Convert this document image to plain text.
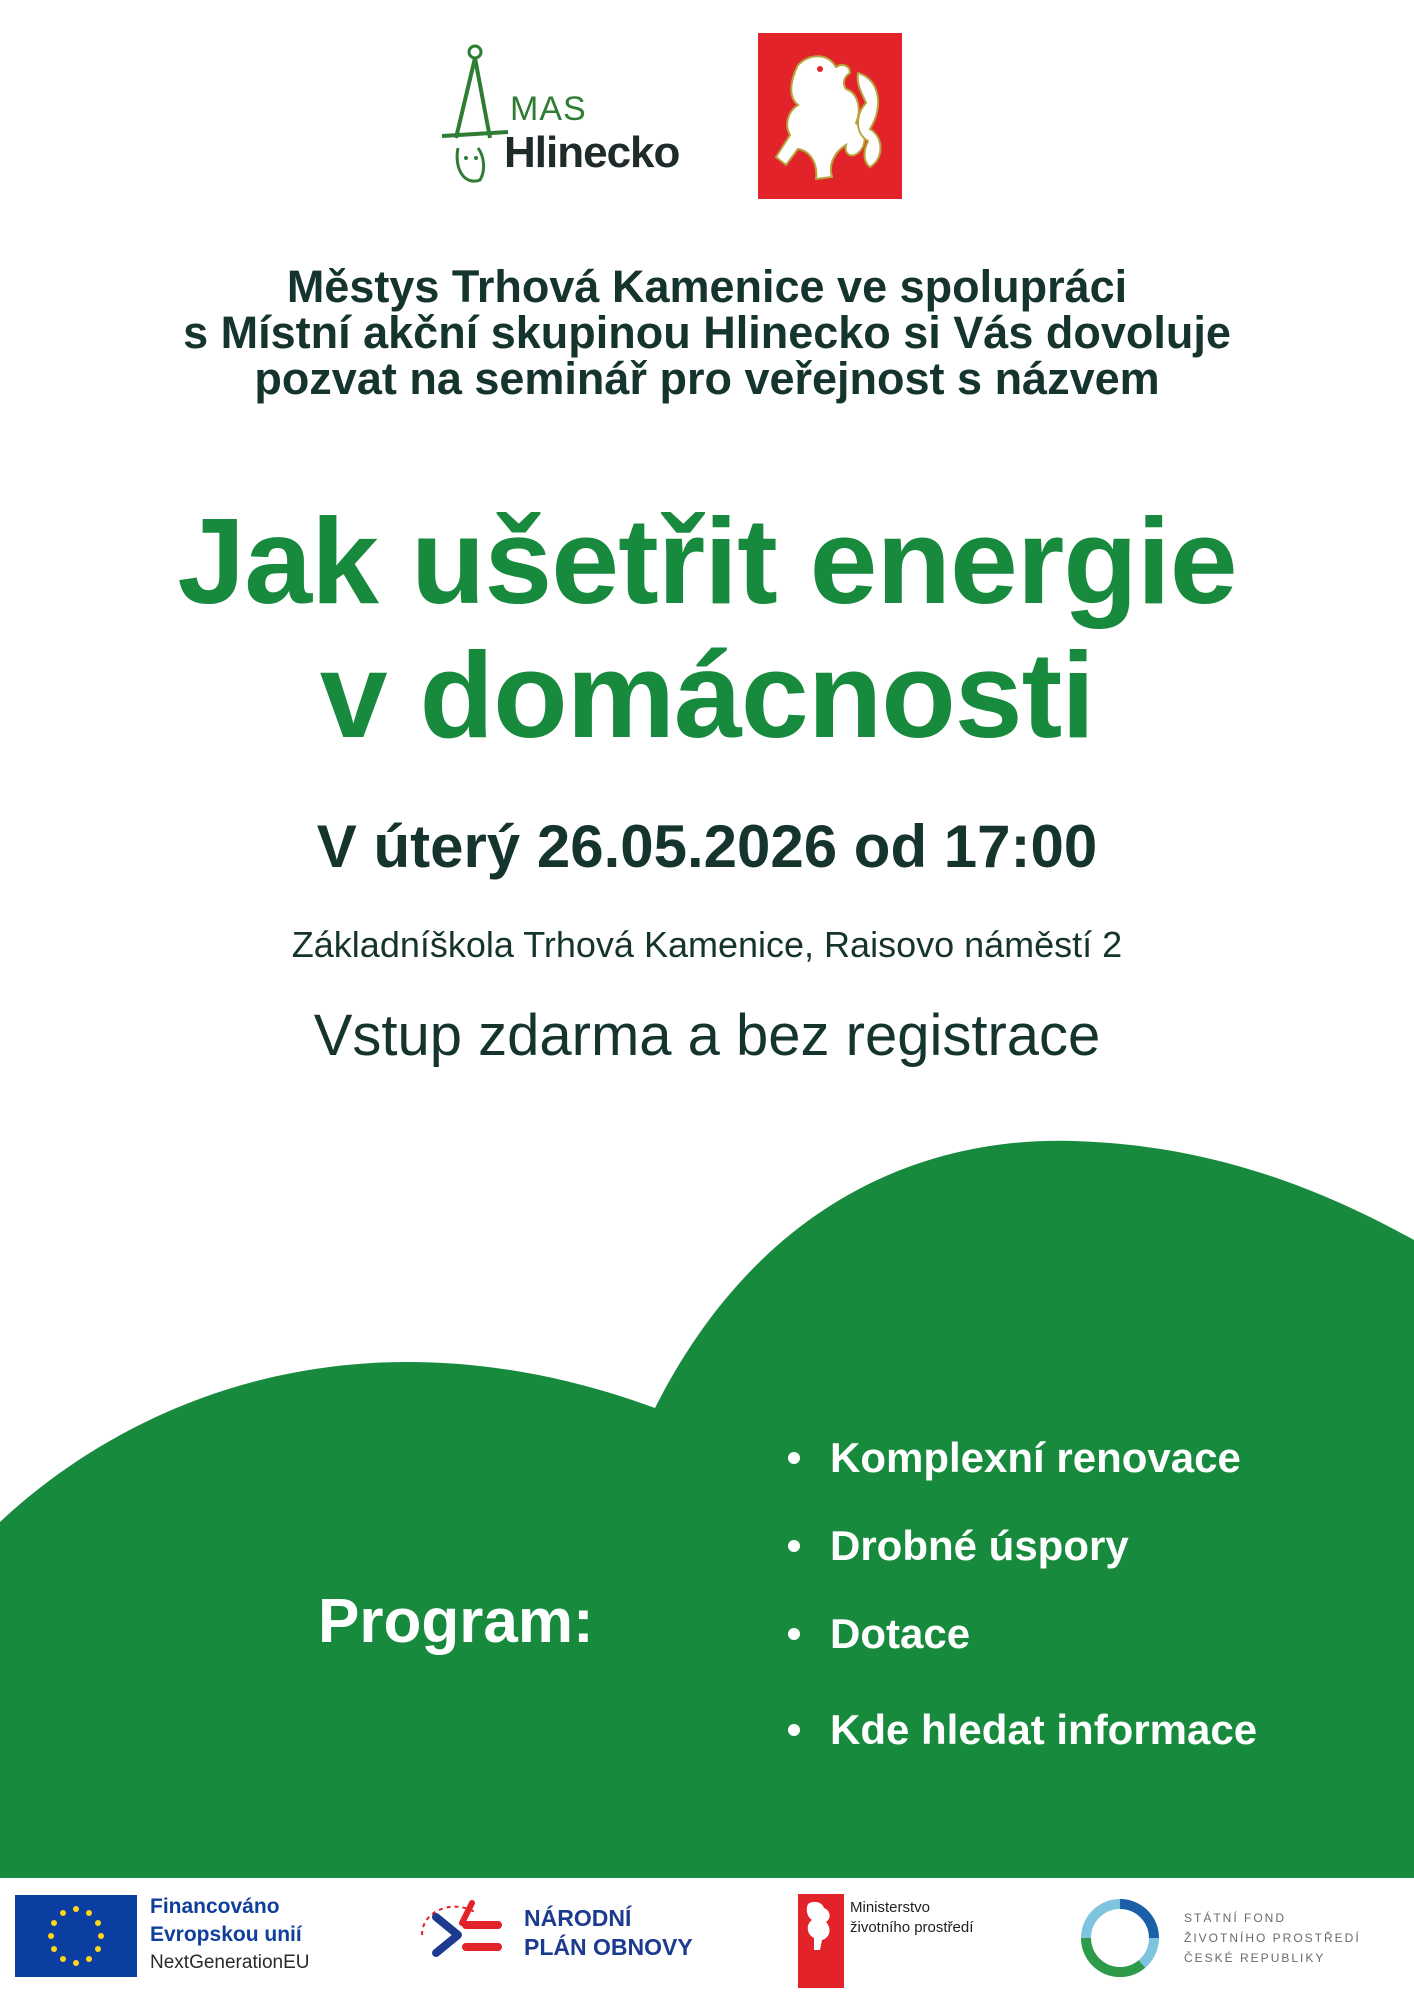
MAS
Hlinecko
Městys Trhová Kamenice ve spolupráci
s Místní akční skupinou Hlinecko si Vás dovoluje
pozvat na seminář pro veřejnost s názvem
Jak ušetřit energie
v domácnosti
V úterý 26.05.2026 od 17:00
Základníškola Trhová Kamenice, Raisovo náměstí 2
Vstup zdarma a bez registrace
Program:
Komplexní renovace
Drobné úspory
Dotace
Kde hledat informace
Financováno
Evropskou unií
NextGenerationEU
NÁRODNÍ
PLÁN OBNOVY
Ministerstvo
životního prostředí
STÁTNÍ FOND
ŽIVOTNÍHO PROSTŘEDÍ
ČESKÉ REPUBLIKY
